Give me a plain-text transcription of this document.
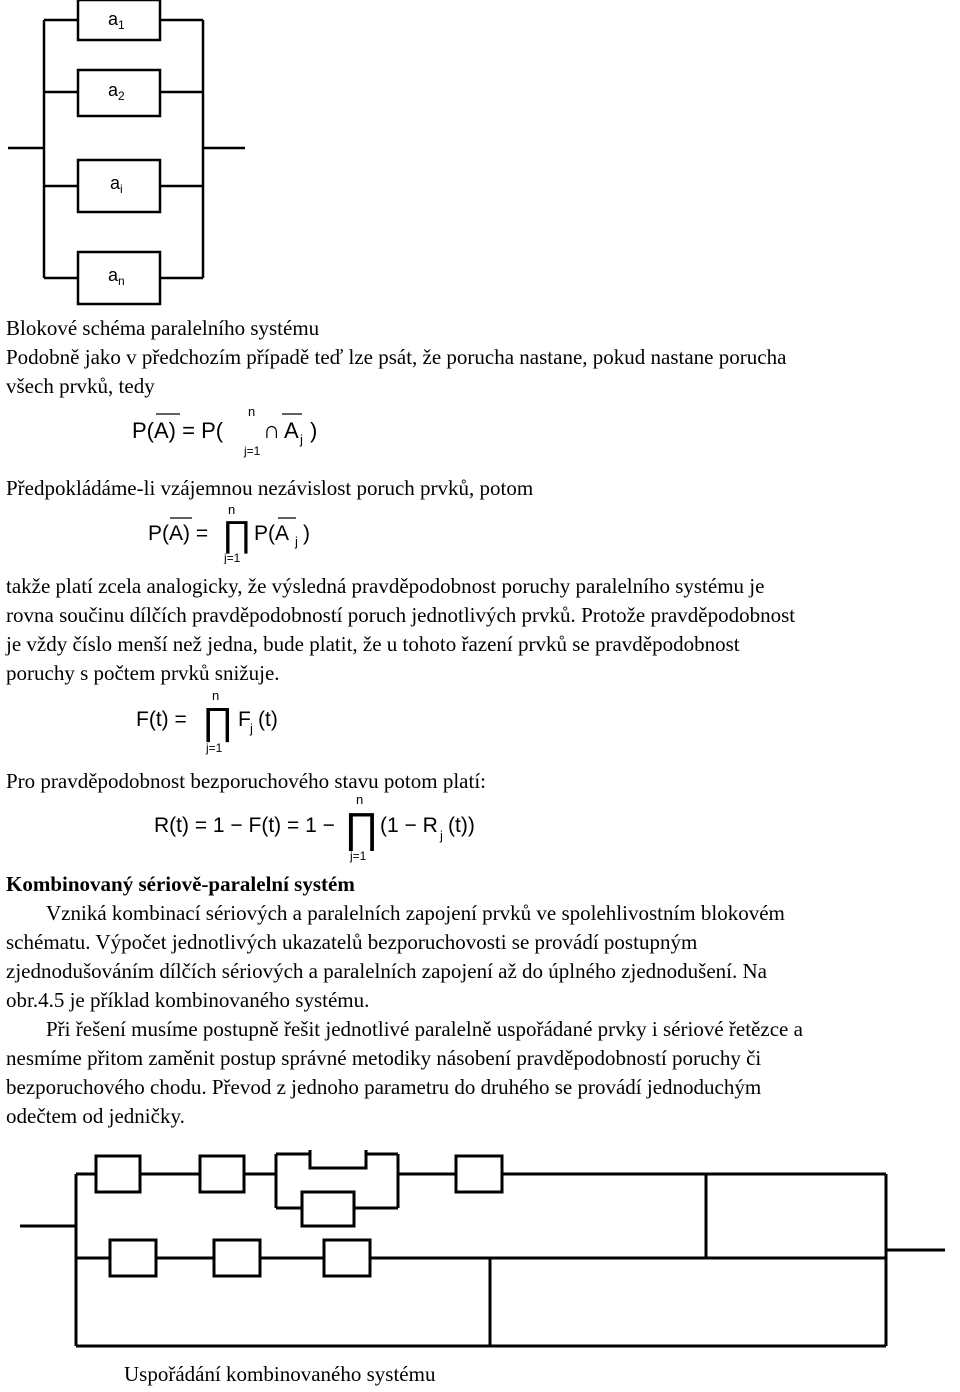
$a_1$
$a_2$
$a_i$
$a_n$
Blokové schéma paralelního systému
Podobně jako v předchozím případě teď lze psát, že porucha nastane, pokud nastane porucha
všech prvků, tedy
P(A) = P(
n
∩
j=1
A j )
Předpokládáme-li vzájemnou nezávislost poruch prvků, potom
P(A) =
n
∏
j=1
P(A j )
takže platí zcela analogicky, že výsledná pravděpodobnost poruchy paralelního systému je
rovna součinu dílčích pravděpodobností poruch jednotlivých prvků. Protože pravděpodobnost
je vždy číslo menší než jedna, bude platit, že u tohoto řazení prvků se pravděpodobnost
poruchy s počtem prvků snižuje.
F(t) =
n
∏
j=1
F j (t)
Pro pravděpodobnost bezporuchového stavu potom platí:
R(t) = 1 − F(t) = 1 −
n
∏
j=1
(1 − R j (t))
Kombinovaný sériově-paralelní systém
Vzniká kombinací sériových a paralelních zapojení prvků ve spolehlivostním blokovém
schématu. Výpočet jednotlivých ukazatelů bezporuchovosti se provádí postupným
zjednodušováním dílčích sériových a paralelních zapojení až do úplného zjednodušení. Na
obr.4.5 je příklad kombinovaného systému.
Při řešení musíme postupně řešit jednotlivé paralelně uspořádané prvky i sériové řetězce a
nesmíme přitom zaměnit postup správné metodiky násobení pravděpodobností poruchy či
bezporuchového chodu. Převod z jednoho parametru do druhého se provádí jednoduchým
odečtem od jedničky.
Uspořádání kombinovaného systému
